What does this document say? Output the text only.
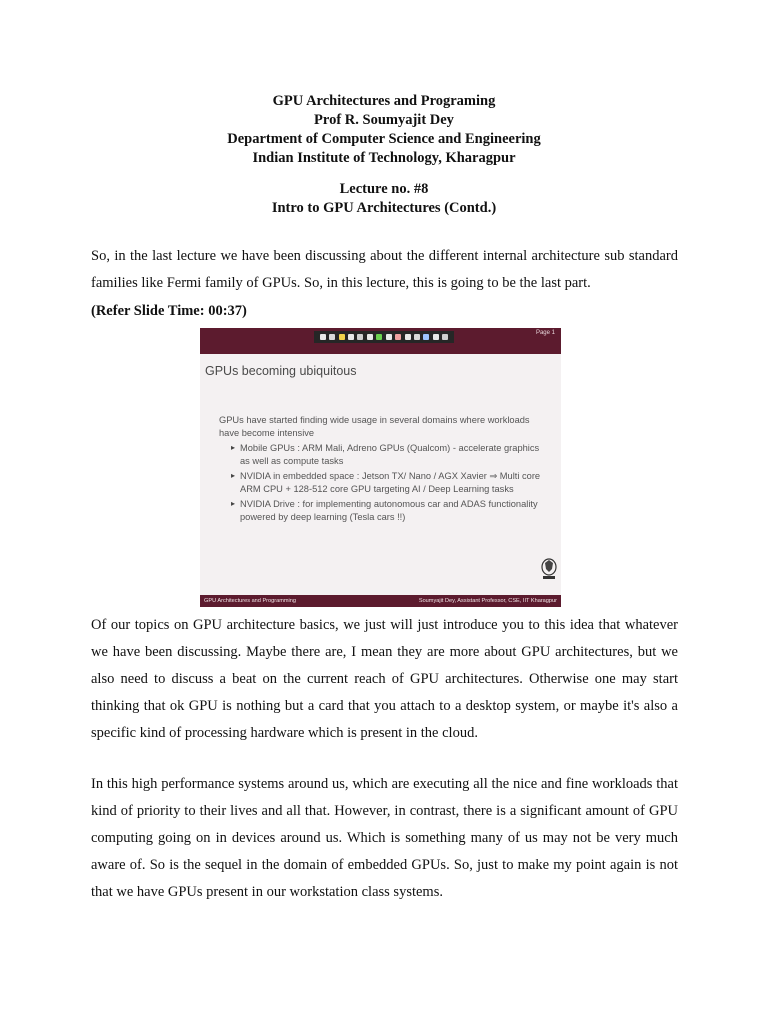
GPU Architectures and Programing
Prof R. Soumyajit Dey
Department of Computer Science and Engineering
Indian Institute of Technology, Kharagpur
Lecture no. #8
Intro to GPU Architectures (Contd.)

So, in the last lecture we have been discussing about the different internal architecture sub standard families like Fermi family of GPUs. So, in this lecture, this is going to be the last part.

(Refer Slide Time: 00:37)
Page 1
GPUs becoming ubiquitous
GPUs have started finding wide usage in several domains where workloads have become intensive
▸ Mobile GPUs : ARM Mali, Adreno GPUs (Qualcom) - accelerate graphics as well as compute tasks
▸ NVIDIA in embedded space : Jetson TX/ Nano / AGX Xavier ⇒ Multi core ARM CPU + 128-512 core GPU targeting AI / Deep Learning tasks
▸ NVIDIA Drive : for implementing autonomous car and ADAS functionality powered by deep learning (Tesla cars !!)
GPU Architectures and Programming	Soumyajit Dey, Assistant Professor, CSE, IIT Kharagpur

Of our topics on GPU architecture basics, we just will just introduce you to this idea that whatever we have been discussing. Maybe there are, I mean they are more about GPU architectures, but we also need to discuss a beat on the current reach of GPU architectures. Otherwise one may start thinking that ok GPU is nothing but a card that you attach to a desktop system, or maybe it's also a specific kind of processing hardware which is present in the cloud.

In this high performance systems around us, which are executing all the nice and fine workloads that kind of priority to their lives and all that. However, in contrast, there is a significant amount of GPU computing going on in devices around us. Which is something many of us may not be very much aware of. So is the sequel in the domain of embedded GPUs. So, just to make my point again is not that we have GPUs present in our workstation class systems.
